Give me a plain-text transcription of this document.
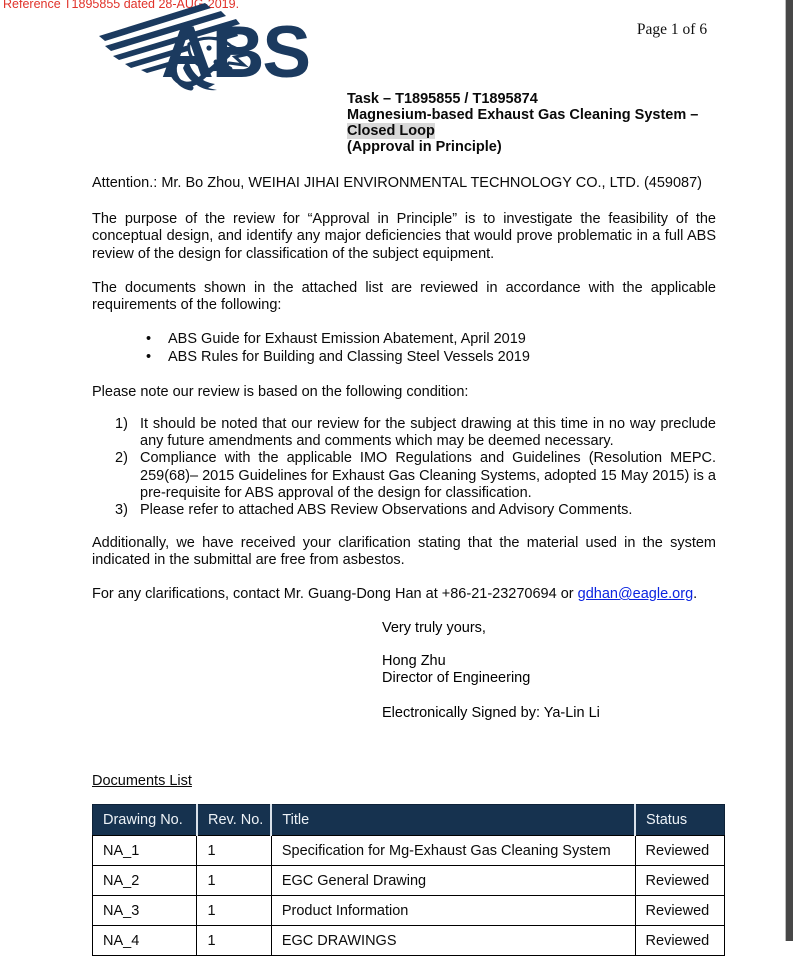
Reference T1895855 dated 28-AUG-2019.
ABS	Page 1 of 6
Task – T1895855 / T1895874
Magnesium-based Exhaust Gas Cleaning System –
Closed Loop
(Approval in Principle)
Attention.: Mr. Bo Zhou, WEIHAI JIHAI ENVIRONMENTAL TECHNOLOGY CO., LTD. (459087)
The purpose of the review for “Approval in Principle” is to investigate the feasibility of the conceptual design, and identify any major deficiencies that would prove problematic in a full ABS review of the design for classification of the subject equipment.
The documents shown in the attached list are reviewed in accordance with the applicable requirements of the following:
• ABS Guide for Exhaust Emission Abatement, April 2019
• ABS Rules for Building and Classing Steel Vessels 2019
Please note our review is based on the following condition:
1) It should be noted that our review for the subject drawing at this time in no way preclude any future amendments and comments which may be deemed necessary.
2) Compliance with the applicable IMO Regulations and Guidelines (Resolution MEPC. 259(68)– 2015 Guidelines for Exhaust Gas Cleaning Systems, adopted 15 May 2015) is a pre-requisite for ABS approval of the design for classification.
3) Please refer to attached ABS Review Observations and Advisory Comments.
Additionally, we have received your clarification stating that the material used in the system indicated in the submittal are free from asbestos.
For any clarifications, contact Mr. Guang-Dong Han at +86-21-23270694 or gdhan@eagle.org.
Very truly yours,
Hong Zhu
Director of Engineering
Electronically Signed by: Ya-Lin Li
Documents List
Drawing No.	Rev. No.	Title	Status
NA_1	1	Specification for Mg-Exhaust Gas Cleaning System	Reviewed
NA_2	1	EGC General Drawing	Reviewed
NA_3	1	Product Information	Reviewed
NA_4	1	EGC DRAWINGS	Reviewed
